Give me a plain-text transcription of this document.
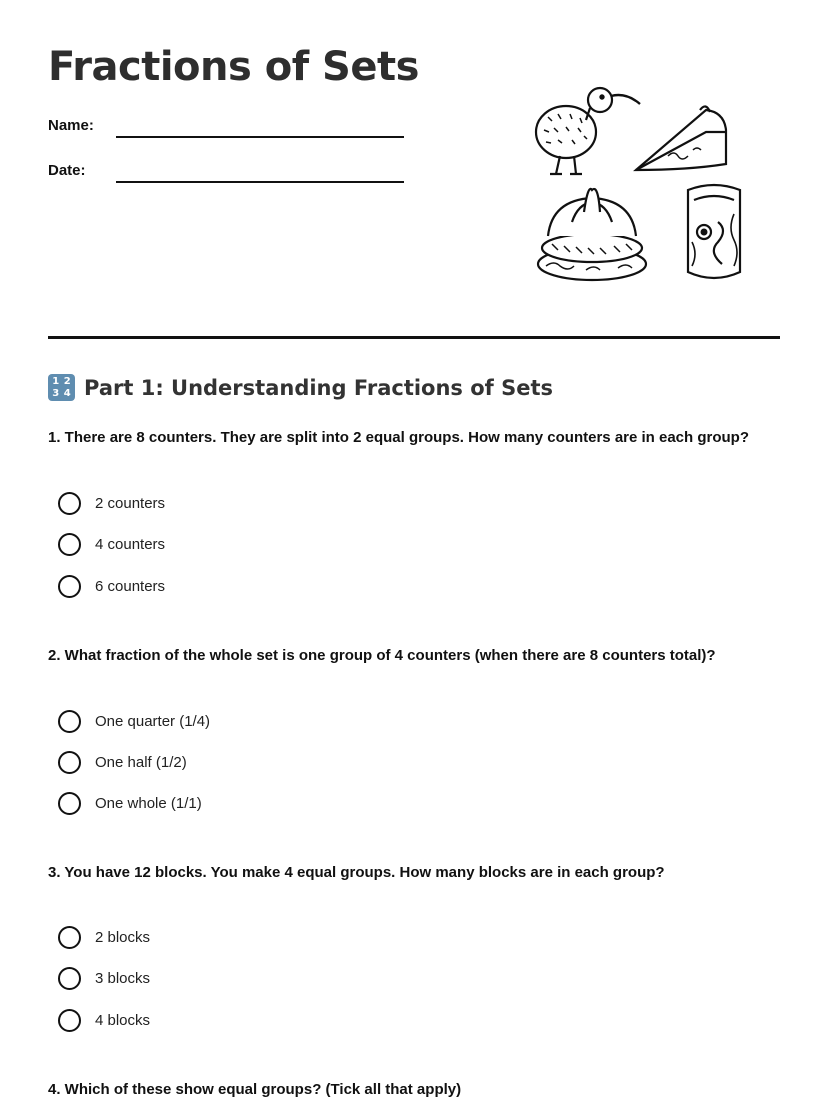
Fractions of Sets
Name:
Date:
1 2
3 4 Part 1: Understanding Fractions of Sets

1. There are 8 counters. They are split into 2 equal groups. How many counters are in each group?

2 counters
4 counters
6 counters

2. What fraction of the whole set is one group of 4 counters (when there are 8 counters total)?

One quarter (1/4)
One half (1/2)
One whole (1/1)

3. You have 12 blocks. You make 4 equal groups. How many blocks are in each group?

2 blocks
3 blocks
4 blocks

4. Which of these show equal groups? (Tick all that apply)
